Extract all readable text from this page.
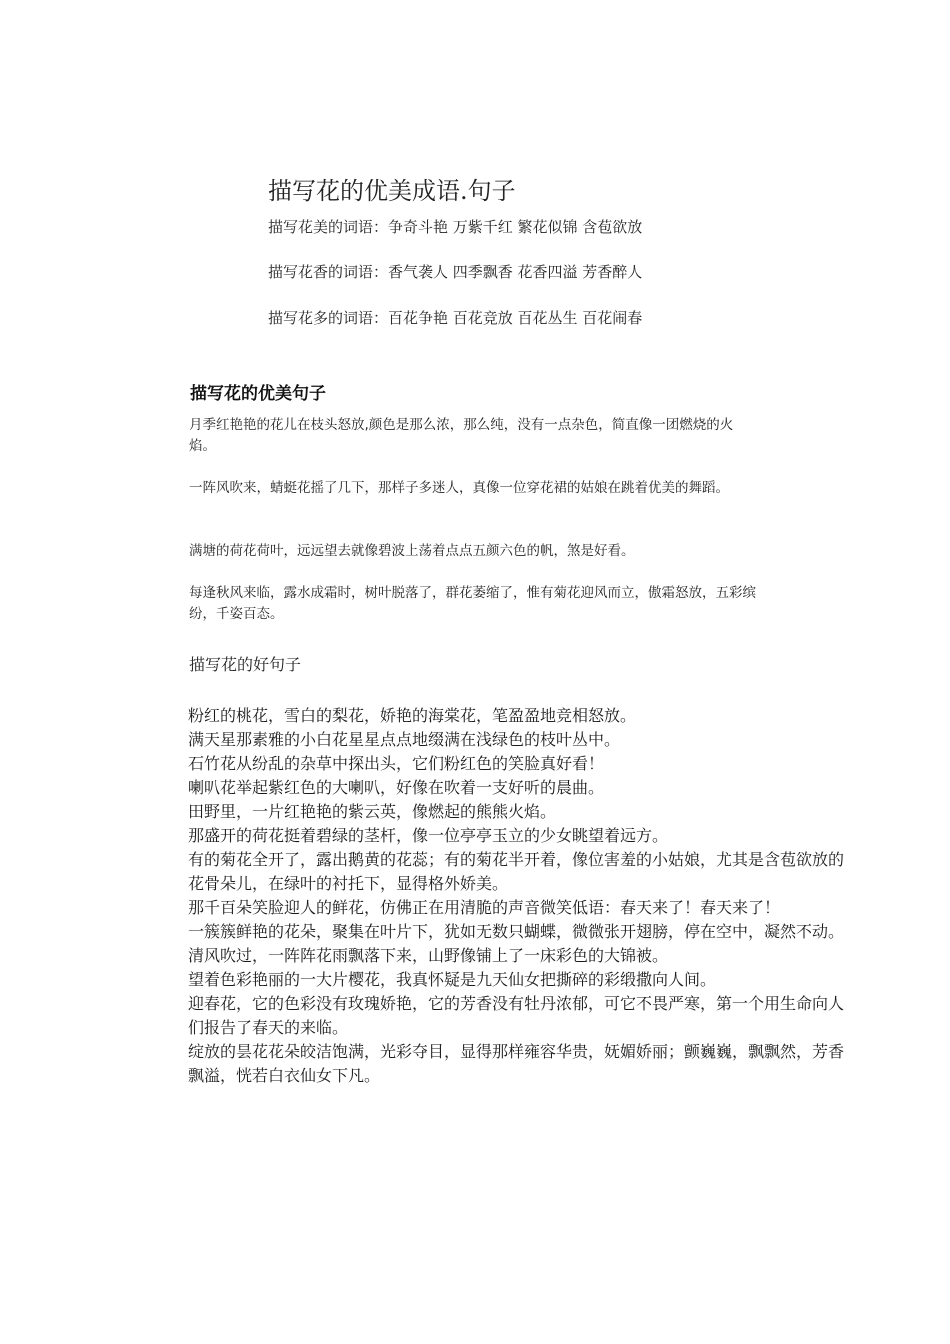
描写花的优美成语.句子
描写花美的词语：争奇斗艳 万紫千红 繁花似锦 含苞欲放
描写花香的词语：香气袭人 四季飘香 花香四溢 芳香醉人
描写花多的词语：百花争艳 百花竞放 百花丛生 百花闹春
描写花的优美句子
月季红艳艳的花儿在枝头怒放,颜色是那么浓，那么纯，没有一点杂色，简直像一团燃烧的火焰。
一阵风吹来，蜻蜓花摇了几下，那样子多迷人，真像一位穿花裙的姑娘在跳着优美的舞蹈。
满塘的荷花荷叶，远远望去就像碧波上荡着点点五颜六色的帆，煞是好看。
每逢秋风来临，露水成霜时，树叶脱落了，群花萎缩了，惟有菊花迎风而立，傲霜怒放，五彩缤纷，千姿百态。
描写花的好句子
粉红的桃花，雪白的梨花，娇艳的海棠花，笔盈盈地竞相怒放。
满天星那素雅的小白花星星点点地缀满在浅绿色的枝叶丛中。
石竹花从纷乱的杂草中探出头，它们粉红色的笑脸真好看！
喇叭花举起紫红色的大喇叭，好像在吹着一支好听的晨曲。
田野里，一片红艳艳的紫云英，像燃起的熊熊火焰。
那盛开的荷花挺着碧绿的茎杆，像一位亭亭玉立的少女眺望着远方。
有的菊花全开了，露出鹅黄的花蕊；有的菊花半开着，像位害羞的小姑娘，尤其是含苞欲放的花骨朵儿，在绿叶的衬托下，显得格外娇美。
那千百朵笑脸迎人的鲜花，仿佛正在用清脆的声音微笑低语：春天来了！春天来了！
一簇簇鲜艳的花朵，聚集在叶片下，犹如无数只蝴蝶，微微张开翅膀，停在空中，凝然不动。
清风吹过，一阵阵花雨飘落下来，山野像铺上了一床彩色的大锦被。
望着色彩艳丽的一大片樱花，我真怀疑是九天仙女把撕碎的彩缎撒向人间。
迎春花，它的色彩没有玫瑰娇艳，它的芳香没有牡丹浓郁，可它不畏严寒，第一个用生命向人们报告了春天的来临。
绽放的昙花花朵皎洁饱满，光彩夺目，显得那样雍容华贵，妩媚娇丽；颤巍巍，飘飘然，芳香飘溢，恍若白衣仙女下凡。
